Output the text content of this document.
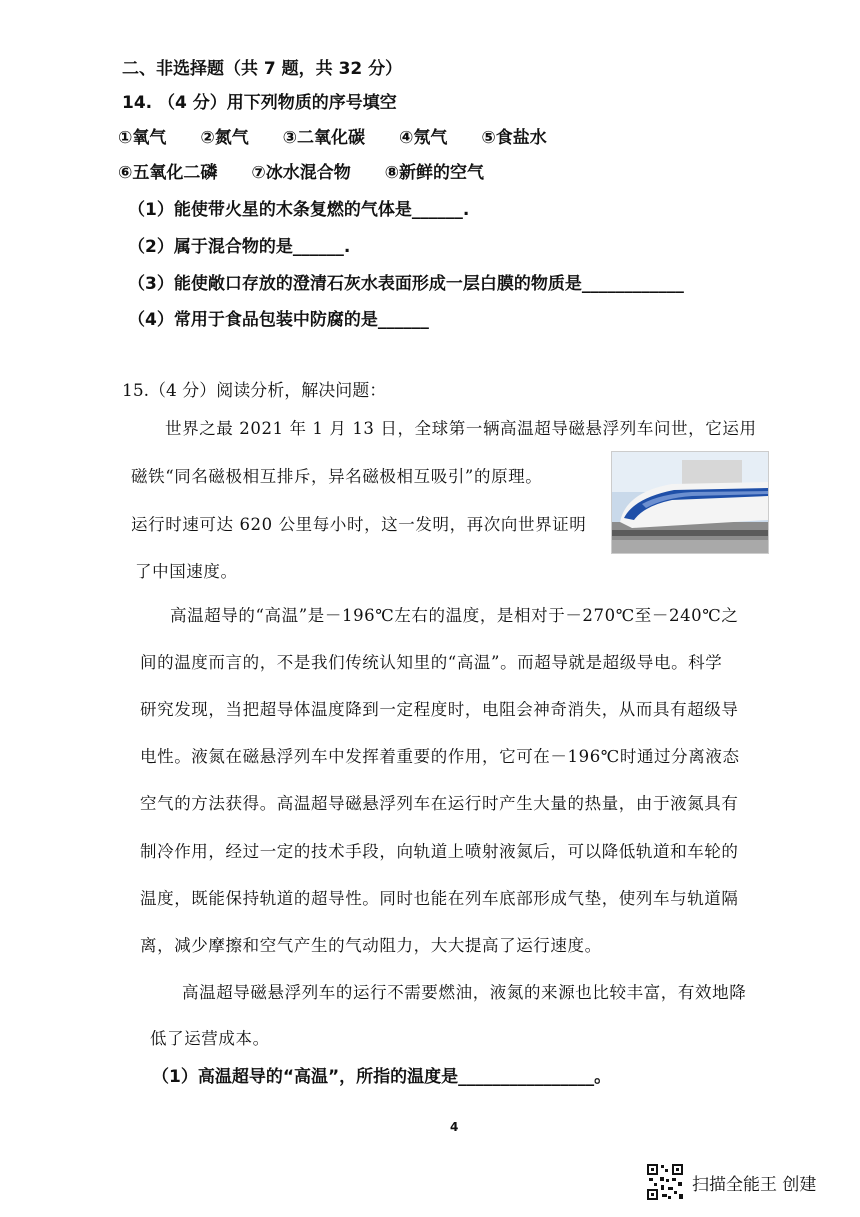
二、非选择题（共 7 题，共 32 分）
14. （4 分）用下列物质的序号填空
①氧气 ②氮气 ③二氧化碳 ④氖气 ⑤食盐水
⑥五氧化二磷 ⑦冰水混合物 ⑧新鲜的空气
（1）能使带火星的木条复燃的气体是______.
（2）属于混合物的是______.
（3）能使敞口存放的澄清石灰水表面形成一层白膜的物质是____________
（4）常用于食品包装中防腐的是______
15.（4 分）阅读分析，解决问题：
世界之最 2021 年 1 月 13 日，全球第一辆高温超导磁悬浮列车问世，它运用
磁铁“同名磁极相互排斥，异名磁极相互吸引”的原理。
运行时速可达 620 公里每小时，这一发明，再次向世界证明
了中国速度。
高温超导的“高温”是－196℃左右的温度，是相对于－270℃至－240℃之
间的温度而言的，不是我们传统认知里的“高温”。而超导就是超级导电。科学
研究发现，当把超导体温度降到一定程度时，电阻会神奇消失，从而具有超级导
电性。液氮在磁悬浮列车中发挥着重要的作用，它可在－196℃时通过分离液态
空气的方法获得。高温超导磁悬浮列车在运行时产生大量的热量，由于液氮具有
制冷作用，经过一定的技术手段，向轨道上喷射液氮后，可以降低轨道和车轮的
温度，既能保持轨道的超导性。同时也能在列车底部形成气垫，使列车与轨道隔
离，减少摩擦和空气产生的气动阻力，大大提高了运行速度。
高温超导磁悬浮列车的运行不需要燃油，液氮的来源也比较丰富，有效地降
低了运营成本。
（1）高温超导的“高温”，所指的温度是________________。
4
扫描全能王 创建
